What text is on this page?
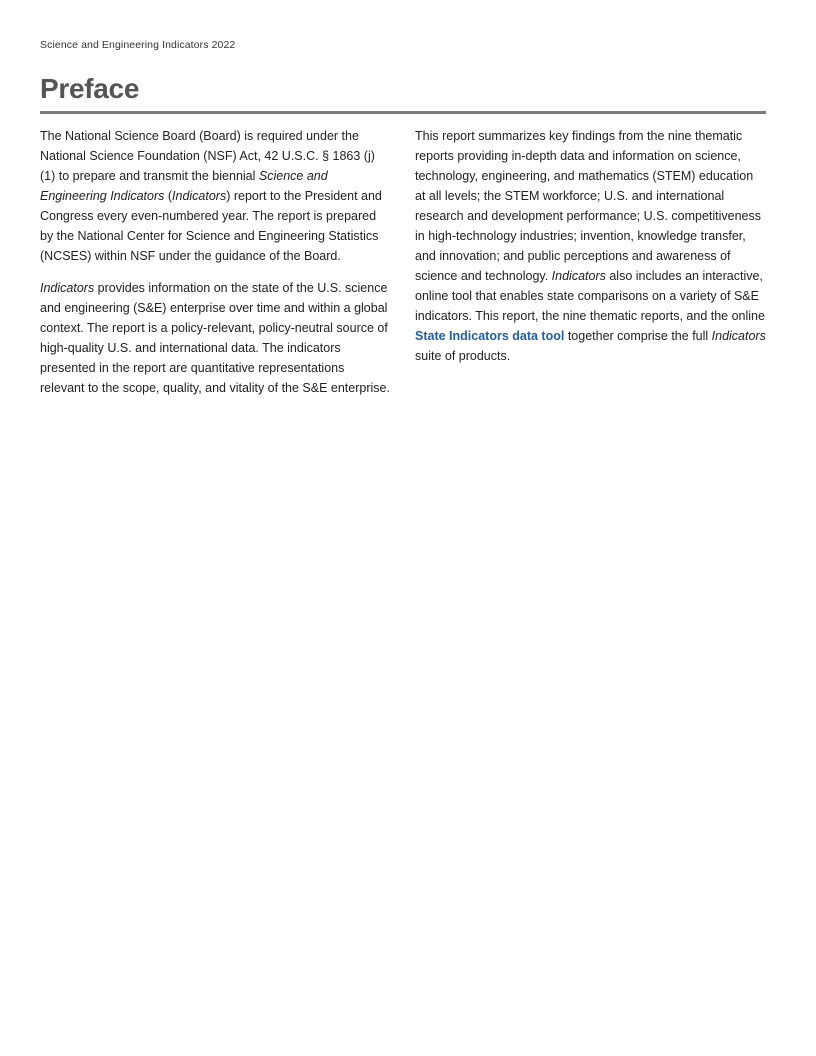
Science and Engineering Indicators 2022
Preface

The National Science Board (Board) is required under the National Science Foundation (NSF) Act, 42 U.S.C. § 1863 (j)(1) to prepare and transmit the biennial Science and Engineering Indicators (Indicators) report to the President and Congress every even-numbered year. The report is prepared by the National Center for Science and Engineering Statistics (NCSES) within NSF under the guidance of the Board.

Indicators provides information on the state of the U.S. science and engineering (S&E) enterprise over time and within a global context. The report is a policy-relevant, policy-neutral source of high-quality U.S. and international data. The indicators presented in the report are quantitative representations relevant to the scope, quality, and vitality of the S&E enterprise.

This report summarizes key findings from the nine thematic reports providing in-depth data and information on science, technology, engineering, and mathematics (STEM) education at all levels; the STEM workforce; U.S. and international research and development performance; U.S. competitiveness in high-technology industries; invention, knowledge transfer, and innovation; and public perceptions and awareness of science and technology. Indicators also includes an interactive, online tool that enables state comparisons on a variety of S&E indicators. This report, the nine thematic reports, and the online State Indicators data tool together comprise the full Indicators suite of products.
